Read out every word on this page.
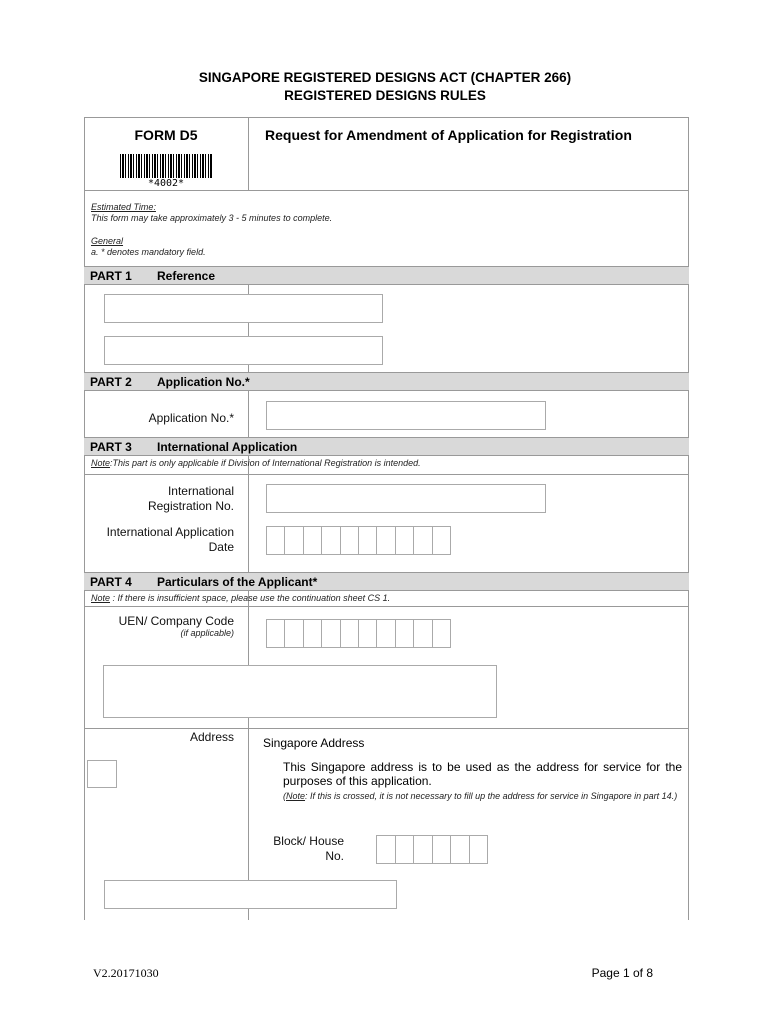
SINGAPORE REGISTERED DESIGNS ACT (CHAPTER 266)
REGISTERED DESIGNS RULES
FORM D5
*4002*
Request for Amendment of Application for Registration
Estimated Time:
This form may take approximately 3 - 5 minutes to complete.
General
a. * denotes mandatory field.
PART 1 Reference
PART 2 Application No.*
Application No.*
PART 3 International Application
Note:This part is only applicable if Division of International Registration is intended.
International
Registration No.
International Application
Date
PART 4 Particulars of the Applicant*
Note : If there is insufficient space, please use the continuation sheet CS 1.
UEN/ Company Code
(if applicable)
Address Singapore Address
This Singapore address is to be used as the address for service for the purposes of this application.
(Note: If this is crossed, it is not necessary to fill up the address for service in Singapore in part 14.)
Block/ House
No.
V2.20171030	Page 1 of 8
